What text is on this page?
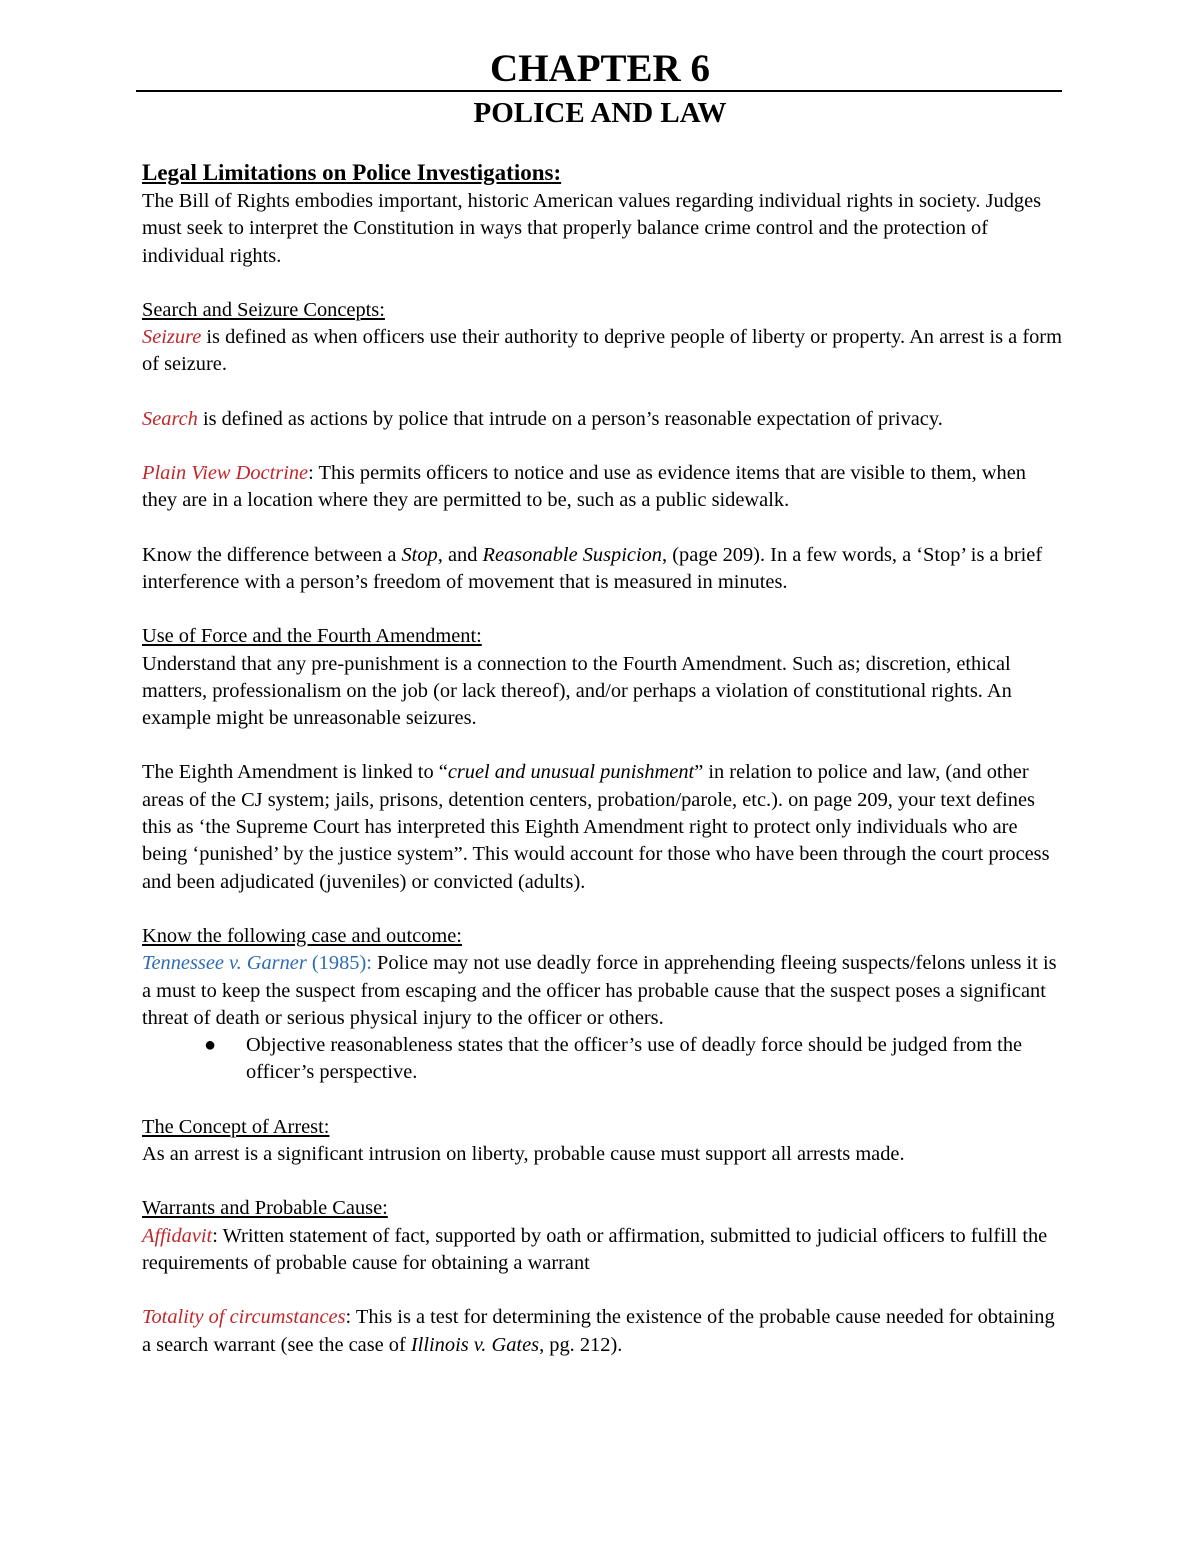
CHAPTER 6
POLICE AND LAW

Legal Limitations on Police Investigations:

The Bill of Rights embodies important, historic American values regarding individual rights in society. Judges must seek to interpret the Constitution in ways that properly balance crime control and the protection of individual rights.

Search and Seizure Concepts:

Seizure is defined as when officers use their authority to deprive people of liberty or property. An arrest is a form of seizure.

Search is defined as actions by police that intrude on a person’s reasonable expectation of privacy.

Plain View Doctrine: This permits officers to notice and use as evidence items that are visible to them, when they are in a location where they are permitted to be, such as a public sidewalk.

Know the difference between a Stop, and Reasonable Suspicion, (page 209). In a few words, a ‘Stop’ is a brief interference with a person’s freedom of movement that is measured in minutes.

Use of Force and the Fourth Amendment:

Understand that any pre-punishment is a connection to the Fourth Amendment. Such as; discretion, ethical matters, professionalism on the job (or lack thereof), and/or perhaps a violation of constitutional rights. An example might be unreasonable seizures.

The Eighth Amendment is linked to “cruel and unusual punishment” in relation to police and law, (and other areas of the CJ system; jails, prisons, detention centers, probation/parole, etc.). on page 209, your text defines this as ‘the Supreme Court has interpreted this Eighth Amendment right to protect only individuals who are being ‘punished’ by the justice system”. This would account for those who have been through the court process and been adjudicated (juveniles) or convicted (adults).

Know the following case and outcome:

Tennessee v. Garner (1985): Police may not use deadly force in apprehending fleeing suspects/felons unless it is a must to keep the suspect from escaping and the officer has probable cause that the suspect poses a significant threat of death or serious physical injury to the officer or others.

●	Objective reasonableness states that the officer’s use of deadly force should be judged from the officer’s perspective.

The Concept of Arrest:

As an arrest is a significant intrusion on liberty, probable cause must support all arrests made.

Warrants and Probable Cause:

Affidavit: Written statement of fact, supported by oath or affirmation, submitted to judicial officers to fulfill the requirements of probable cause for obtaining a warrant

Totality of circumstances: This is a test for determining the existence of the probable cause needed for obtaining a search warrant (see the case of Illinois v. Gates, pg. 212).
